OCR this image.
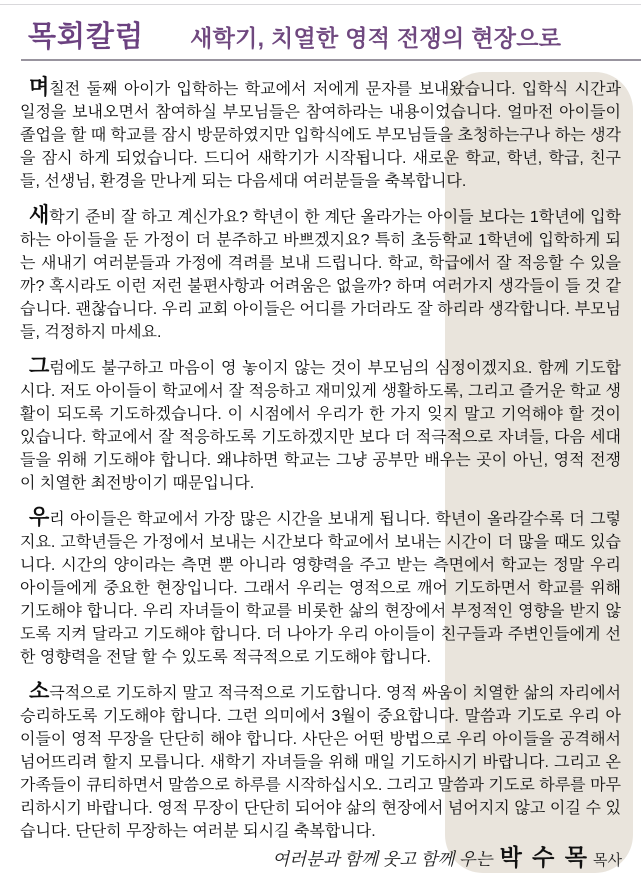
목회칼럼 새학기, 치열한 영적 전쟁의 현장으로

며칠전 둘째 아이가 입학하는 학교에서 저에게 문자를 보내왔습니다. 입학식 시간과 일정을 보내오면서 참여하실 부모님들은 참여하라는 내용이었습니다. 얼마전 아이들이 졸업을 할 때 학교를 잠시 방문하였지만 입학식에도 부모님들을 초청하는구나 하는 생각을 잠시 하게 되었습니다. 드디어 새학기가 시작됩니다. 새로운 학교, 학년, 학급, 친구들, 선생님, 환경을 만나게 되는 다음세대 여러분들을 축복합니다.

새학기 준비 잘 하고 계신가요? 학년이 한 계단 올라가는 아이들 보다는 1학년에 입학하는 아이들을 둔 가정이 더 분주하고 바쁘겠지요? 특히 초등학교 1학년에 입학하게 되는 새내기 여러분들과 가정에 격려를 보내 드립니다. 학교, 학급에서 잘 적응할 수 있을까? 혹시라도 이런 저런 불편사항과 어려움은 없을까? 하며 여러가지 생각들이 들 것 같습니다. 괜찮습니다. 우리 교회 아이들은 어디를 가더라도 잘 하리라 생각합니다. 부모님들, 걱정하지 마세요.

그럼에도 불구하고 마음이 영 놓이지 않는 것이 부모님의 심정이겠지요. 함께 기도합시다. 저도 아이들이 학교에서 잘 적응하고 재미있게 생활하도록, 그리고 즐거운 학교 생활이 되도록 기도하겠습니다. 이 시점에서 우리가 한 가지 잊지 말고 기억해야 할 것이 있습니다. 학교에서 잘 적응하도록 기도하겠지만 보다 더 적극적으로 자녀들, 다음 세대들을 위해 기도해야 합니다. 왜냐하면 학교는 그냥 공부만 배우는 곳이 아닌, 영적 전쟁이 치열한 최전방이기 때문입니다.

우리 아이들은 학교에서 가장 많은 시간을 보내게 됩니다. 학년이 올라갈수록 더 그렇지요. 고학년들은 가정에서 보내는 시간보다 학교에서 보내는 시간이 더 많을 때도 있습니다. 시간의 양이라는 측면 뿐 아니라 영향력을 주고 받는 측면에서 학교는 정말 우리 아이들에게 중요한 현장입니다. 그래서 우리는 영적으로 깨어 기도하면서 학교를 위해 기도해야 합니다. 우리 자녀들이 학교를 비롯한 삶의 현장에서 부정적인 영향을 받지 않도록 지켜 달라고 기도해야 합니다. 더 나아가 우리 아이들이 친구들과 주변인들에게 선한 영향력을 전달 할 수 있도록 적극적으로 기도해야 합니다.

소극적으로 기도하지 말고 적극적으로 기도합니다. 영적 싸움이 치열한 삶의 자리에서 승리하도록 기도해야 합니다. 그런 의미에서 3월이 중요합니다. 말씀과 기도로 우리 아이들이 영적 무장을 단단히 해야 합니다. 사단은 어떤 방법으로 우리 아이들을 공격해서 넘어뜨리려 할지 모릅니다. 새학기 자녀들을 위해 매일 기도하시기 바랍니다. 그리고 온 가족들이 큐티하면서 말씀으로 하루를 시작하십시오. 그리고 말씀과 기도로 하루를 마무리하시기 바랍니다. 영적 무장이 단단히 되어야 삶의 현장에서 넘어지지 않고 이길 수 있습니다. 단단히 무장하는 여러분 되시길 축복합니다.

여러분과 함께 웃고 함께 우는 박 수 목 목사
